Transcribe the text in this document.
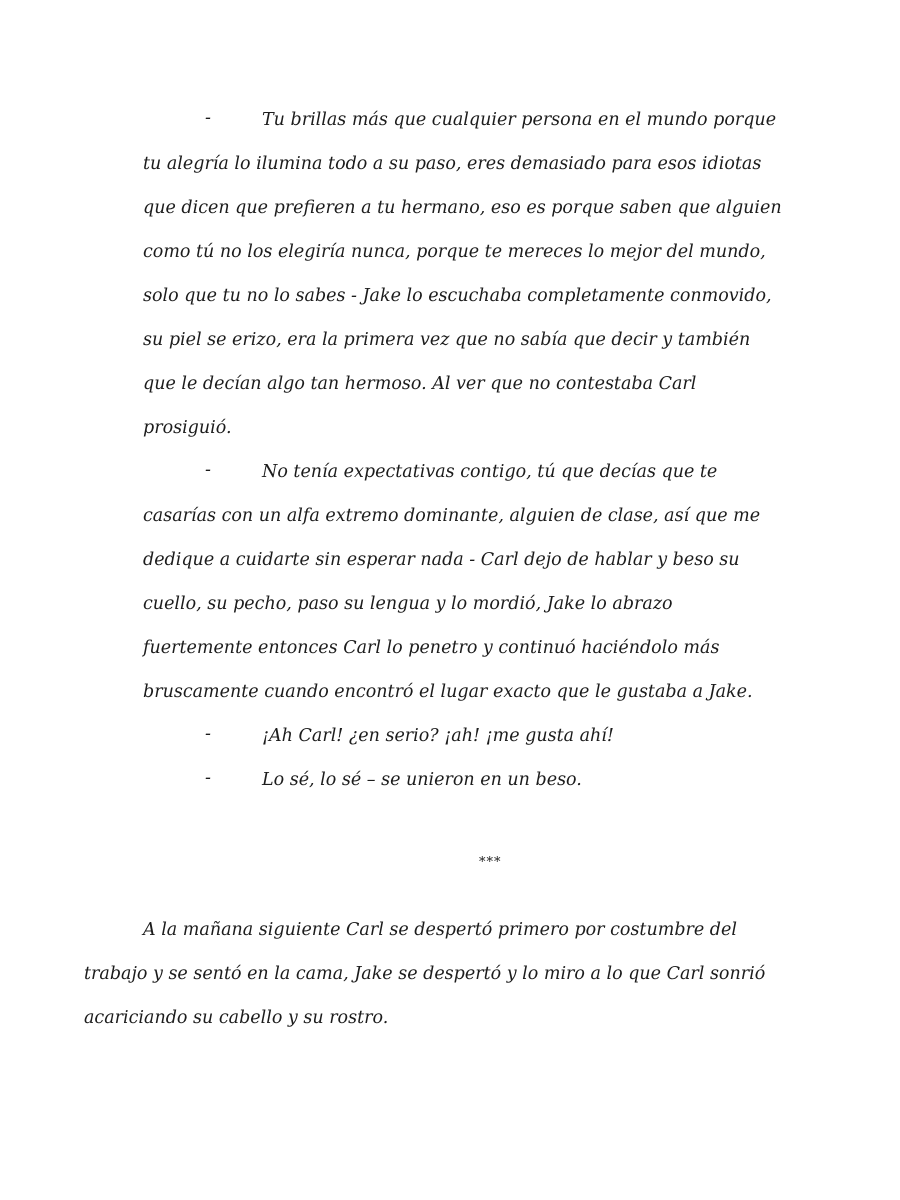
-	Tu brillas más que cualquier persona en el mundo porque
tu alegría lo ilumina todo a su paso, eres demasiado para esos idiotas
que dicen que prefieren a tu hermano, eso es porque saben que alguien
como tú no los elegiría nunca, porque te mereces lo mejor del mundo,
solo que tu no lo sabes - Jake lo escuchaba completamente conmovido,
su piel se erizo, era la primera vez que no sabía que decir y también
que le decían algo tan hermoso. Al ver que no contestaba Carl
prosiguió.
-	No tenía expectativas contigo, tú que decías que te
casarías con un alfa extremo dominante, alguien de clase, así que me
dedique a cuidarte sin esperar nada - Carl dejo de hablar y beso su
cuello, su pecho, paso su lengua y lo mordió, Jake lo abrazo
fuertemente entonces Carl lo penetro y continuó haciéndolo más
bruscamente cuando encontró el lugar exacto que le gustaba a Jake.
-	¡Ah Carl! ¿en serio? ¡ah! ¡me gusta ahí!
-	Lo sé, lo sé – se unieron en un beso.
***
A la mañana siguiente Carl se despertó primero por costumbre del
trabajo y se sentó en la cama, Jake se despertó y lo miro a lo que Carl sonrió
acariciando su cabello y su rostro.
